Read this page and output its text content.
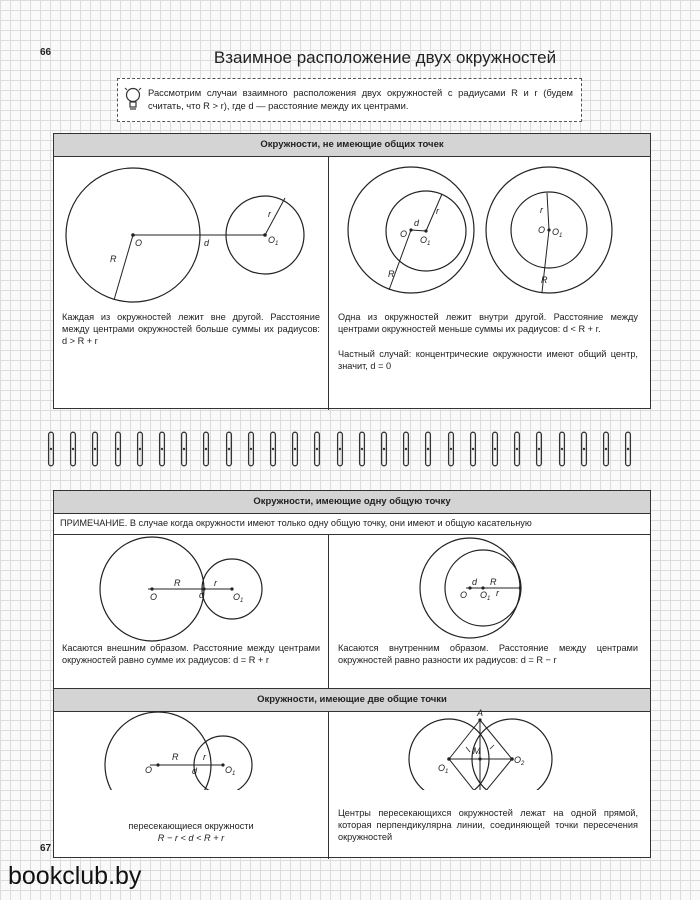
66
67
Взаимное расположение двух окружностей
Рассмотрим случаи взаимного расположения двух окружностей с радиусами R и r (будем считать, что R > r), где d — расстояние между их центрами.
Окружности, не имеющие общих точек
Каждая из окружностей лежит вне другой. Расстояние между центрами окружностей больше суммы их радиусов: d > R + r
Одна из окружностей лежит внутри другой. Расстояние между центрами окружностей меньше суммы их радиусов: d < R + r.
Частный случай: концентрические окружности имеют общий центр, значит, d = 0
O	$O_1$
d
R
r
O
$O_1$
d
R
r
O $O_1$
r
R
Окружности, имеющие одну общую точку
ПРИМЕЧАНИЕ. В случае когда окружности имеют только одну общую точку, они имеют и общую касательную
Касаются внешним образом. Расстояние между центрами окружностей равно сумме их радиусов: d = R + r
Касаются внутренним образом. Расстояние между центрами окружностей равно разности их радиусов: d = R − r
Окружности, имеющие две общие точки
пересекающиеся окружности
R − r < d < R + r
Центры пересекающихся окружностей лежат на одной прямой, которая перпендикулярна линии, соединяющей точки пересечения окружностей
O
R	r
d	$O_1$
O
d R
$O_1$
r
O
R	r
d	$O_1$
A
M
$O_1$
$O_2$
bookclub.by
